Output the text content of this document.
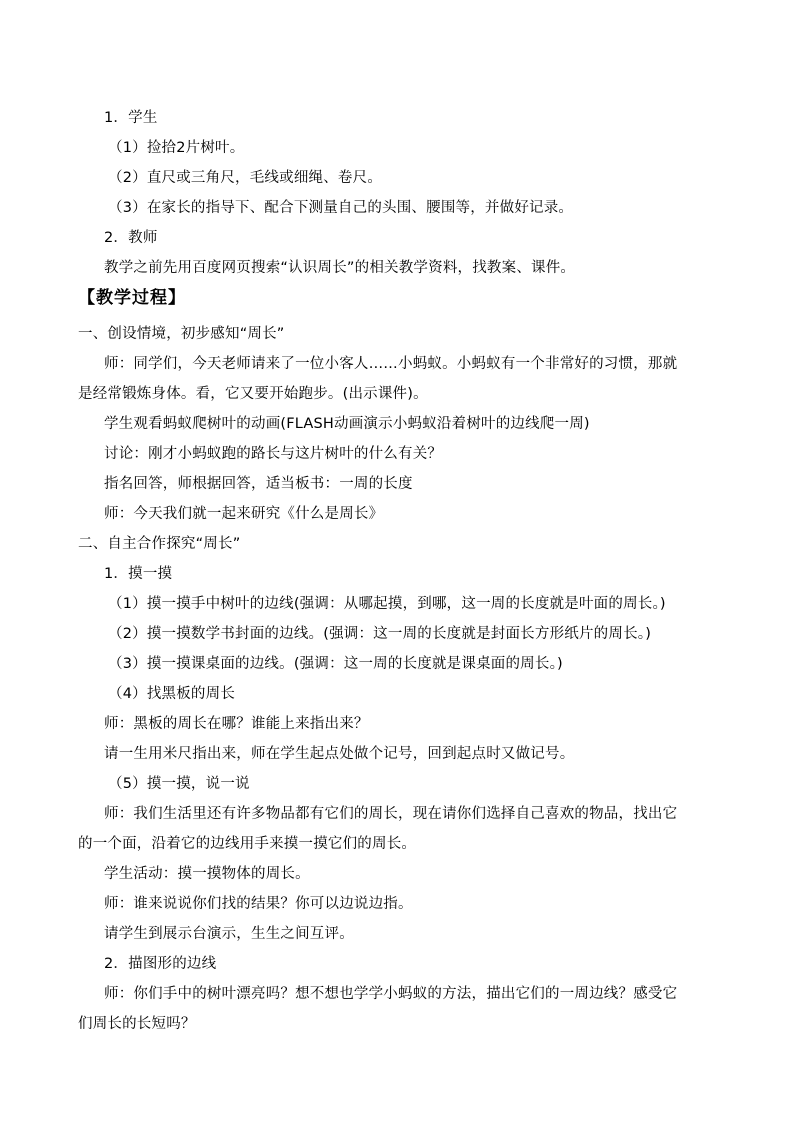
1．学生
（1）捡拾2片树叶。
（2）直尺或三角尺，毛线或细绳、卷尺。
（3）在家长的指导下、配合下测量自己的头围、腰围等，并做好记录。
2．教师
教学之前先用百度网页搜索“认识周长”的相关教学资料，找教案、课件。
【教学过程】
一、创设情境，初步感知“周长”
师：同学们，今天老师请来了一位小客人……小蚂蚁。小蚂蚁有一个非常好的习惯，那就
是经常锻炼身体。看，它又要开始跑步。(出示课件)。
学生观看蚂蚁爬树叶的动画(FLASH动画演示小蚂蚁沿着树叶的边线爬一周)
讨论：刚才小蚂蚁跑的路长与这片树叶的什么有关？
指名回答，师根据回答，适当板书：一周的长度
师：今天我们就一起来研究《什么是周长》
二、自主合作探究“周长”
1．摸一摸
（1）摸一摸手中树叶的边线(强调：从哪起摸，到哪，这一周的长度就是叶面的周长。)
（2）摸一摸数学书封面的边线。(强调：这一周的长度就是封面长方形纸片的周长。)
（3）摸一摸课桌面的边线。(强调：这一周的长度就是课桌面的周长。)
（4）找黑板的周长
师：黑板的周长在哪？谁能上来指出来？
请一生用米尺指出来，师在学生起点处做个记号，回到起点时又做记号。
（5）摸一摸，说一说
师：我们生活里还有许多物品都有它们的周长，现在请你们选择自己喜欢的物品，找出它
的一个面，沿着它的边线用手来摸一摸它们的周长。
学生活动：摸一摸物体的周长。
师：谁来说说你们找的结果？你可以边说边指。
请学生到展示台演示，生生之间互评。
2．描图形的边线
师：你们手中的树叶漂亮吗？想不想也学学小蚂蚁的方法，描出它们的一周边线？感受它
们周长的长短吗？
